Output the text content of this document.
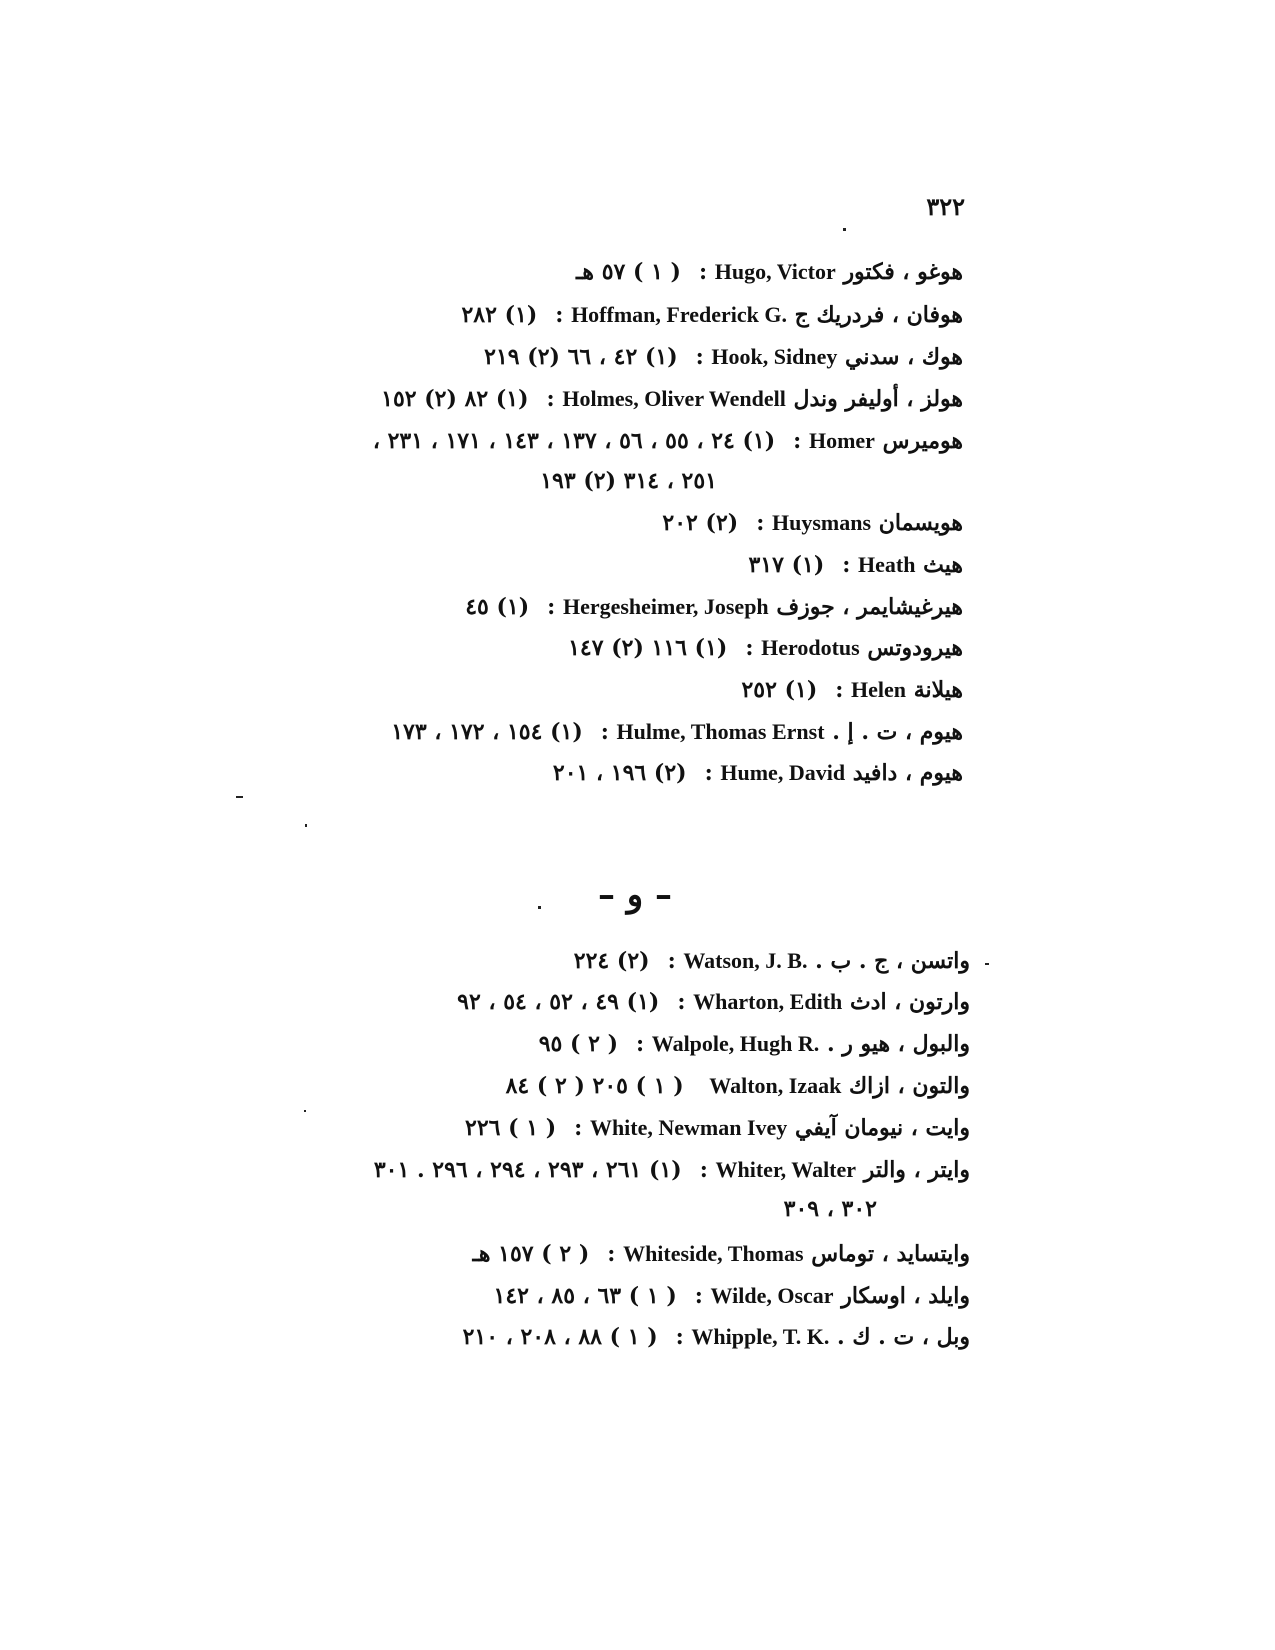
٣٢٢
( ١ ) ٥٧ هـ : Hugo, Victor هوغو ، فكتور
(١) ٢٨٢ : Hoffman, Frederick G. هوفان ، فردريك ج
(١) ٤٢ ، ٦٦ (٢) ٢١٩ : Hook, Sidney هوك ، سدني
(١) ٨٢ (٢) ١٥٢ : Holmes, Oliver Wendell هولز ، أوليفر وندل
(١) ٢٤ ، ٥٥ ، ٥٦ ، ١٣٧ ، ١٤٣ ، ١٧١ ، ٢٣١ ، : Homer هوميرس
٢٥١ ، ٣١٤ (٢) ١٩٣
(٢) ٢٠٢ : Huysmans هويسمان
(١) ٣١٧ : Heath هيث
(١) ٤٥ : Hergesheimer, Joseph هيرغيشايمر ، جوزف
(١) ١١٦ (٢) ١٤٧ : Herodotus هيرودوتس
(١) ٢٥٢ : Helen هيلانة
(١) ١٥٤ ، ١٧٢ ، ١٧٣ : Hulme, Thomas Ernst هيوم ، ت . إ .
(٢) ١٩٦ ، ٢٠١ : Hume, David هيوم ، دافيد
– و –
(٢) ٢٢٤ : Watson, J. B. واتسن ، ج . ب .
(١) ٤٩ ، ٥٢ ، ٥٤ ، ٩٢ : Wharton, Edith وارتون ، ادث
( ٢ ) ٩٥ : Walpole, Hugh R. والبول ، هيو ر .
( ١ ) ٢٠٥ ( ٢ ) ٨٤ Walton, Izaak والتون ، ازاك
( ١ ) ٢٢٦ : White, Newman Ivey وايت ، نيومان آيفي
(١) ٢٦١ ، ٢٩٣ ، ٢٩٤ ، ٢٩٦ . ٣٠١ : Whiter, Walter وايتر ، والتر
٣٠٢ ، ٣٠٩
( ٢ ) ١٥٧ هـ : Whiteside, Thomas وايتسايد ، توماس
( ١ ) ٦٣ ، ٨٥ ، ١٤٢ : Wilde, Oscar وايلد ، اوسكار
( ١ ) ٨٨ ، ٢٠٨ ، ٢١٠ : Whipple, T. K. وبل ، ت . ك .
